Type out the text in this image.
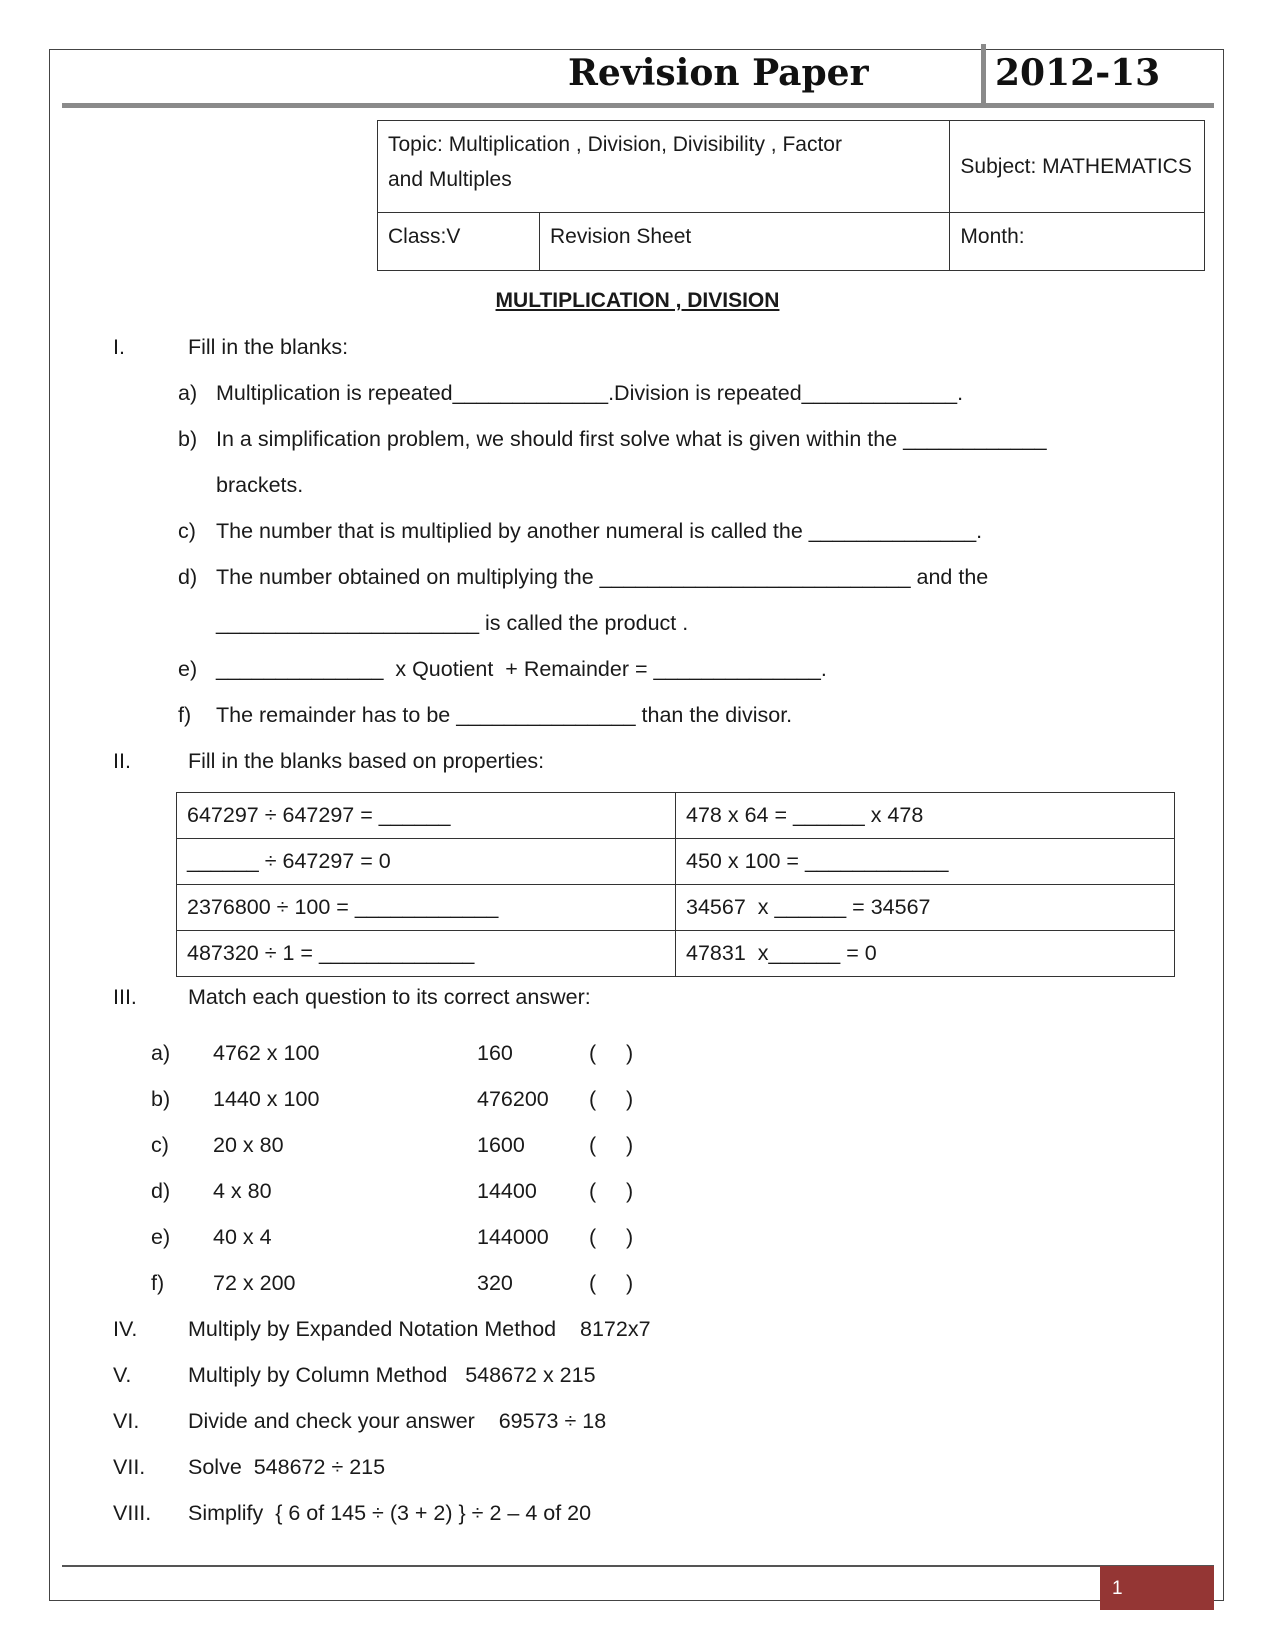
Revision Paper	2012-13
Topic: Multiplication , Division, Divisibility , Factor
and Multiples		Subject: MATHEMATICS
Class:V	Revision Sheet	Month:
MULTIPLICATION , DIVISION
I.	Fill in the blanks:
a) Multiplication is repeated_____________.Division is repeated_____________.
b) In a simplification problem, we should first solve what is given within the ____________
brackets.
c) The number that is multiplied by another numeral is called the ______________.
d) The number obtained on multiplying the __________________________ and the
______________________ is called the product .
e) ______________  x Quotient  + Remainder = ______________.
f) The remainder has to be _______________ than the divisor.
II.	Fill in the blanks based on properties:
647297 ÷ 647297 = ______	478 x 64 = ______ x 478
______ ÷ 647297 = 0	450 x 100 = ____________
2376800 ÷ 100 = ____________	34567  x ______ = 34567
487320 ÷ 1 = _____________	47831  x______ = 0
III. Match each question to its correct answer:
a) 4762 x 100	160	(     )
b) 1440 x 100	476200 (     )
c) 20 x 80	1600	(     )
d) 4 x 80	14400 (     )
e) 40 x 4	144000 (     )
f) 72 x 200	320	(     )
IV. Multiply by Expanded Notation Method    8172x7
V.	Multiply by Column Method   548672 x 215
VI. Divide and check your answer    69573 ÷ 18
VII. Solve  548672 ÷ 215
VIII. Simplify  { 6 of 145 ÷ (3 + 2) } ÷ 2 – 4 of 20
1
